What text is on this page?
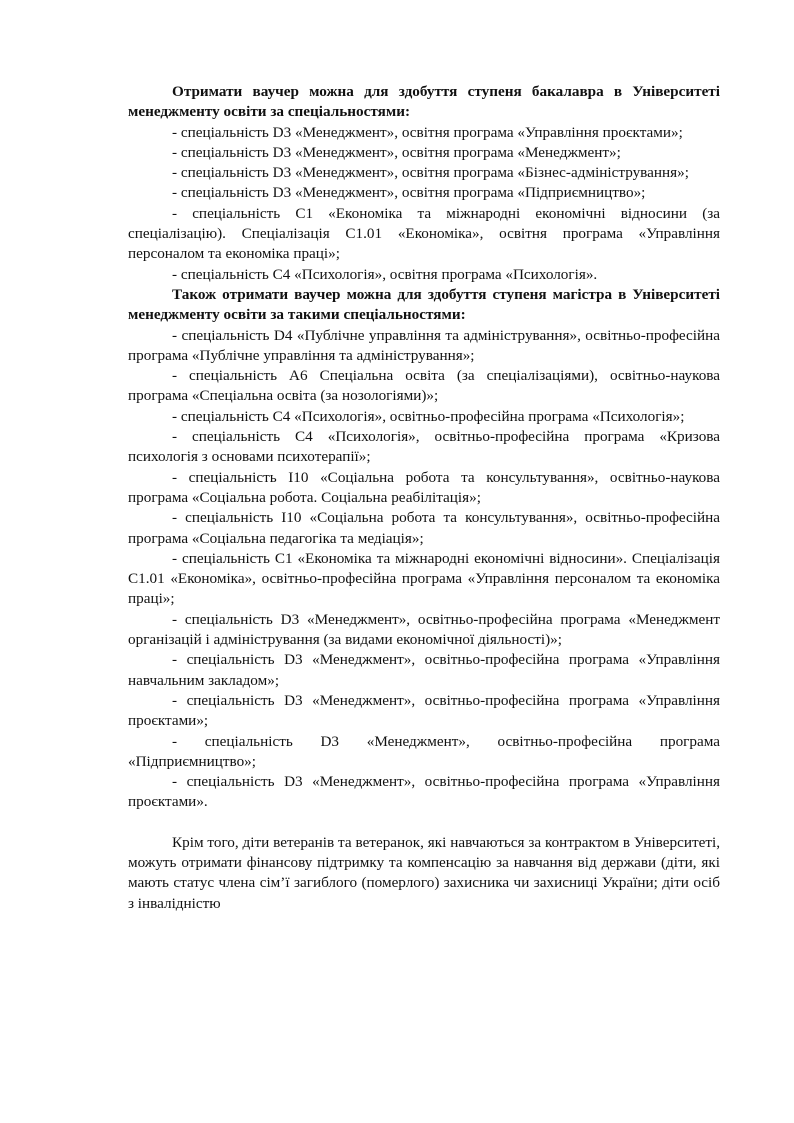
Отримати ваучер можна для здобуття ступеня бакалавра в Університеті менеджменту освіти за спеціальностями:

- спеціальність D3 «Менеджмент», освітня програма «Управління проєктами»;

- спеціальність D3 «Менеджмент», освітня програма «Менеджмент»;

- спеціальність D3 «Менеджмент», освітня програма «Бізнес-адміністрування»;

- спеціальність D3 «Менеджмент», освітня програма «Підприємництво»;

- спеціальність С1 «Економіка та міжнародні економічні відносини (за спеціалізацію). Спеціалізація С1.01 «Економіка», освітня програма «Управління персоналом та економіка праці»;

- спеціальність С4 «Психологія», освітня програма «Психологія».

Також отримати ваучер можна для здобуття ступеня магістра в Університеті менеджменту освіти за такими спеціальностями:

- спеціальність D4 «Публічне управління та адміністрування», освітньо-професійна програма «Публічне управління та адміністрування»;

- спеціальність А6 Спеціальна освіта (за спеціалізаціями), освітньо-наукова програма «Спеціальна освіта (за нозологіями)»;

- спеціальність С4 «Психологія», освітньо-професійна програма «Психологія»;

- спеціальність С4 «Психологія», освітньо-професійна програма «Кризова психологія з основами психотерапії»;

- спеціальність І10 «Соціальна робота та консультування», освітньо-наукова програма «Соціальна робота. Соціальна реабілітація»;

- спеціальність І10 «Соціальна робота та консультування», освітньо-професійна програма «Соціальна педагогіка та медіація»;

- спеціальність С1 «Економіка та міжнародні економічні відносини». Спеціалізація С1.01 «Економіка», освітньо-професійна програма «Управління персоналом та економіка праці»;

- спеціальність D3 «Менеджмент», освітньо-професійна програма «Менеджмент організацій і адміністрування (за видами економічної діяльності)»;

- спеціальність D3 «Менеджмент», освітньо-професійна програма «Управління навчальним закладом»;

- спеціальність D3 «Менеджмент», освітньо-професійна програма «Управління проєктами»;

- спеціальність D3 «Менеджмент», освітньо-професійна програма «Підприємництво»;

- спеціальність D3 «Менеджмент», освітньо-професійна програма «Управління проєктами».

Крім того, діти ветеранів та ветеранок, які навчаються за контрактом в Університеті, можуть отримати фінансову підтримку та компенсацію за навчання від держави (діти, які мають статус члена сім’ї загиблого (померлого) захисника чи захисниці України; діти осіб з інвалідністю
